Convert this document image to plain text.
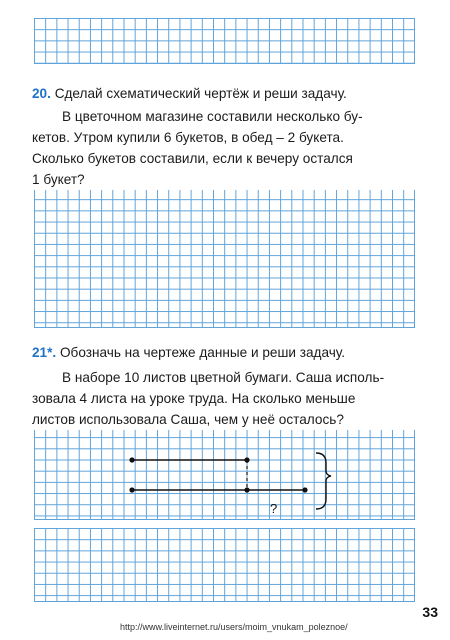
20. Сделай схематический чертёж и реши задачу.
В цветочном магазине составили несколько бу-
кетов. Утром купили 6 букетов, в обед – 2 букета.
Сколько букетов составили, если к вечеру остался
1 букет?
21*. Обозначь на чертеже данные и реши задачу.
В наборе 10 листов цветной бумаги. Саша исполь-
зовала 4 листа на уроке труда. На сколько меньше
листов использовала Саша, чем у неё осталось?
?
33
http://www.liveinternet.ru/users/moim_vnukam_poleznoe/
